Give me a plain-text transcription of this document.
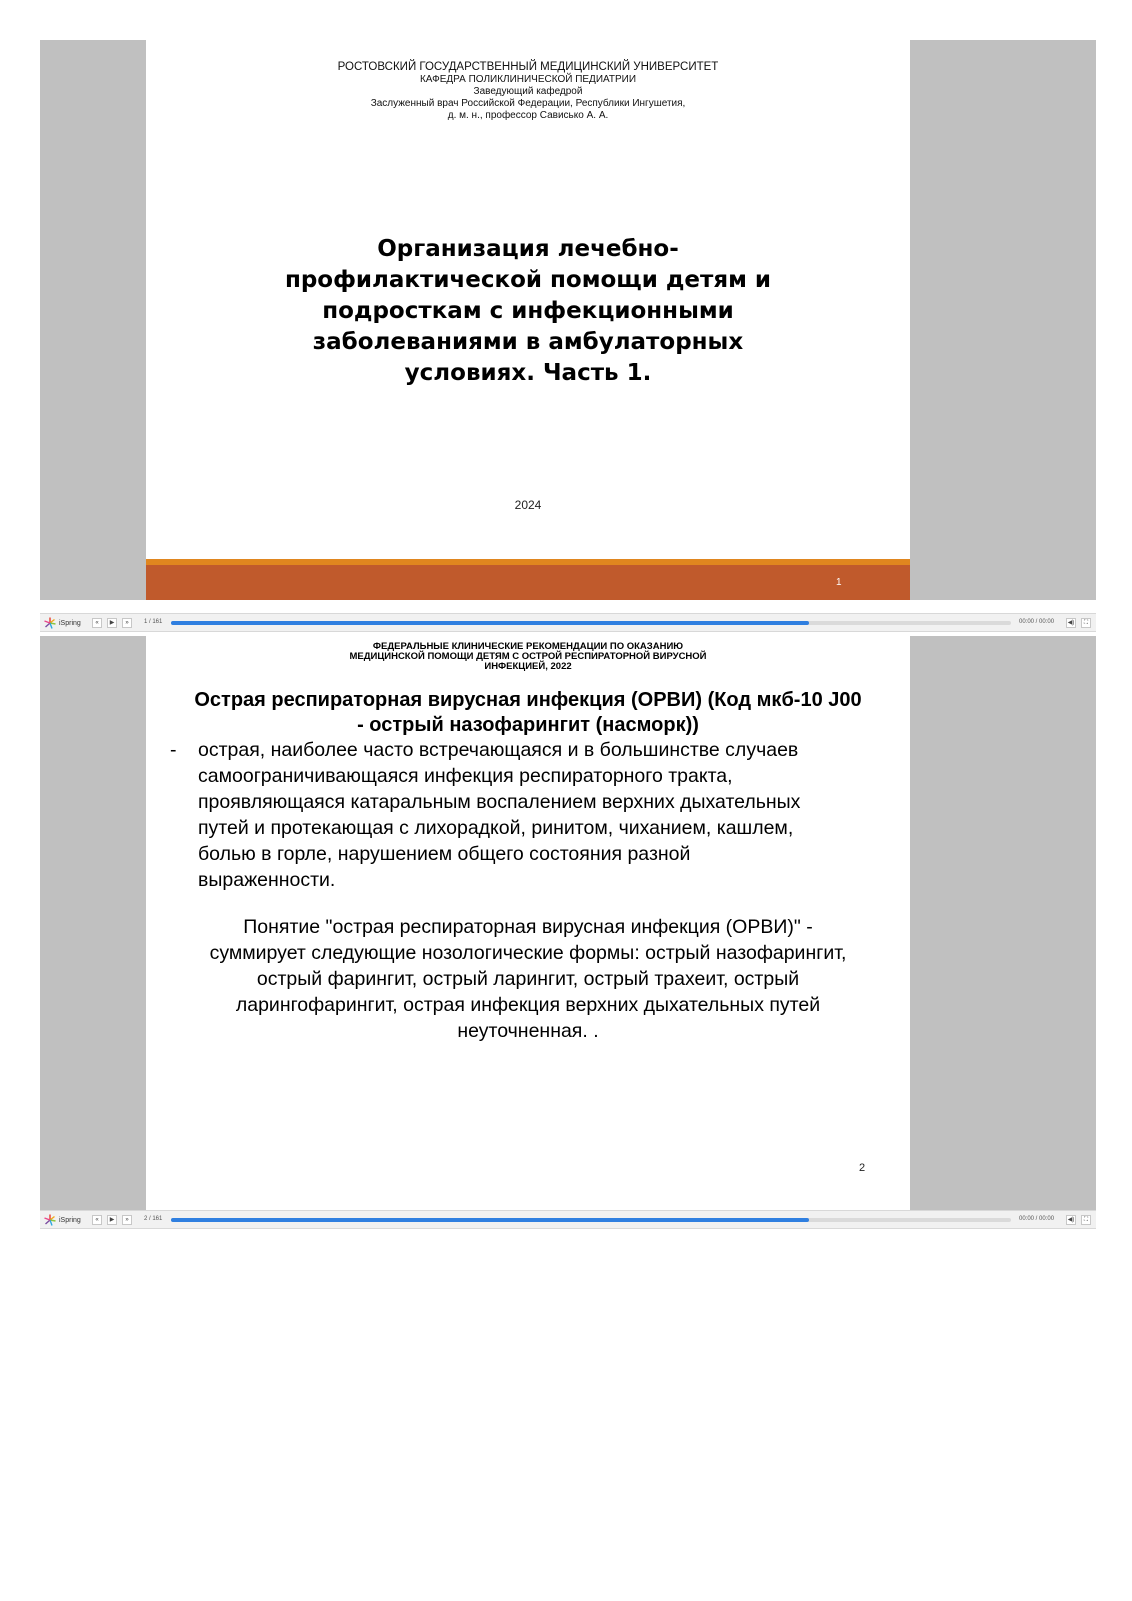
РОСТОВСКИЙ ГОСУДАРСТВЕННЫЙ МЕДИЦИНСКИЙ УНИВЕРСИТЕТ
КАФЕДРА ПОЛИКЛИНИЧЕСКОЙ ПЕДИАТРИИ
Заведующий кафедрой
Заслуженный врач Российской Федерации, Республики Ингушетия,
д. м. н., профессор Сависько А. А.
Организация лечебно-
профилактической помощи детям и
подросткам с инфекционными
заболеваниями в амбулаторных
условиях. Часть 1.
2024
1
iSpring	«	▶	»	1 / 161	00:00 / 00:00 ◀)	⛶
ФЕДЕРАЛЬНЫЕ КЛИНИЧЕСКИЕ РЕКОМЕНДАЦИИ ПО ОКАЗАНИЮ
МЕДИЦИНСКОЙ ПОМОЩИ ДЕТЯМ С ОСТРОЙ РЕСПИРАТОРНОЙ ВИРУСНОЙ
ИНФЕКЦИЕЙ, 2022
Острая респираторная вирусная инфекция (ОРВИ) (Код мкб-10 J00
- острый назофарингит (насморк))
- острая, наиболее часто встречающаяся и в большинстве случаев
самоограничивающаяся инфекция респираторного тракта,
проявляющаяся катаральным воспалением верхних дыхательных
путей и протекающая с лихорадкой, ринитом, чиханием, кашлем,
болью в горле, нарушением общего состояния разной
выраженности.
Понятие "острая респираторная вирусная инфекция (ОРВИ)" -
суммирует следующие нозологические формы: острый назофарингит,
острый фарингит, острый ларингит, острый трахеит, острый
ларингофарингит, острая инфекция верхних дыхательных путей
неуточненная. .
2
iSpring	«	▶	»	2 / 161	00:00 / 00:00 ◀)	⛶
